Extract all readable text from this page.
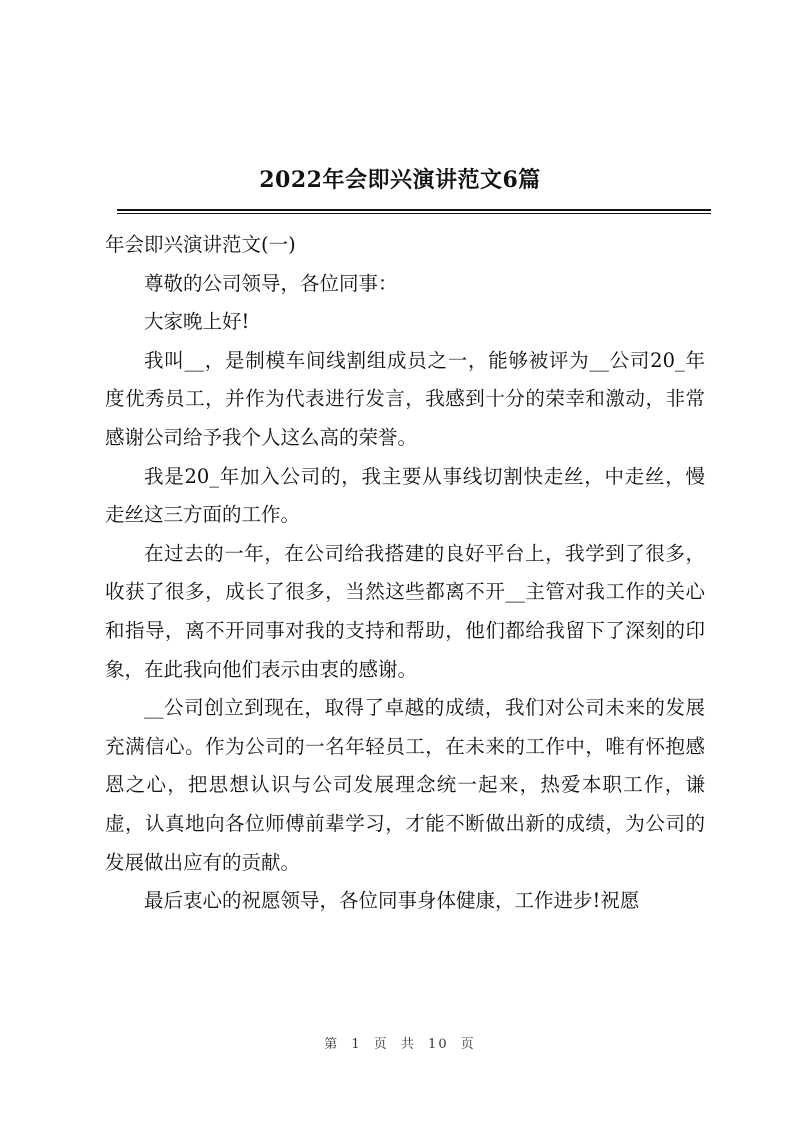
2022年会即兴演讲范文6篇

年会即兴演讲范文(一)

尊敬的公司领导，各位同事：

大家晚上好!

我叫__，是制模车间线割组成员之一，能够被评为__公司20_年度优秀员工，并作为代表进行发言，我感到十分的荣幸和激动，非常感谢公司给予我个人这么高的荣誉。

我是20_年加入公司的，我主要从事线切割快走丝，中走丝，慢走丝这三方面的工作。

在过去的一年，在公司给我搭建的良好平台上，我学到了很多，收获了很多，成长了很多，当然这些都离不开__主管对我工作的关心和指导，离不开同事对我的支持和帮助，他们都给我留下了深刻的印象，在此我向他们表示由衷的感谢。

__公司创立到现在，取得了卓越的成绩，我们对公司未来的发展充满信心。作为公司的一名年轻员工，在未来的工作中，唯有怀抱感恩之心，把思想认识与公司发展理念统一起来，热爱本职工作，谦虚，认真地向各位师傅前辈学习，才能不断做出新的成绩，为公司的发展做出应有的贡献。

最后衷心的祝愿领导，各位同事身体健康，工作进步!祝愿

第 1 页 共 10 页
